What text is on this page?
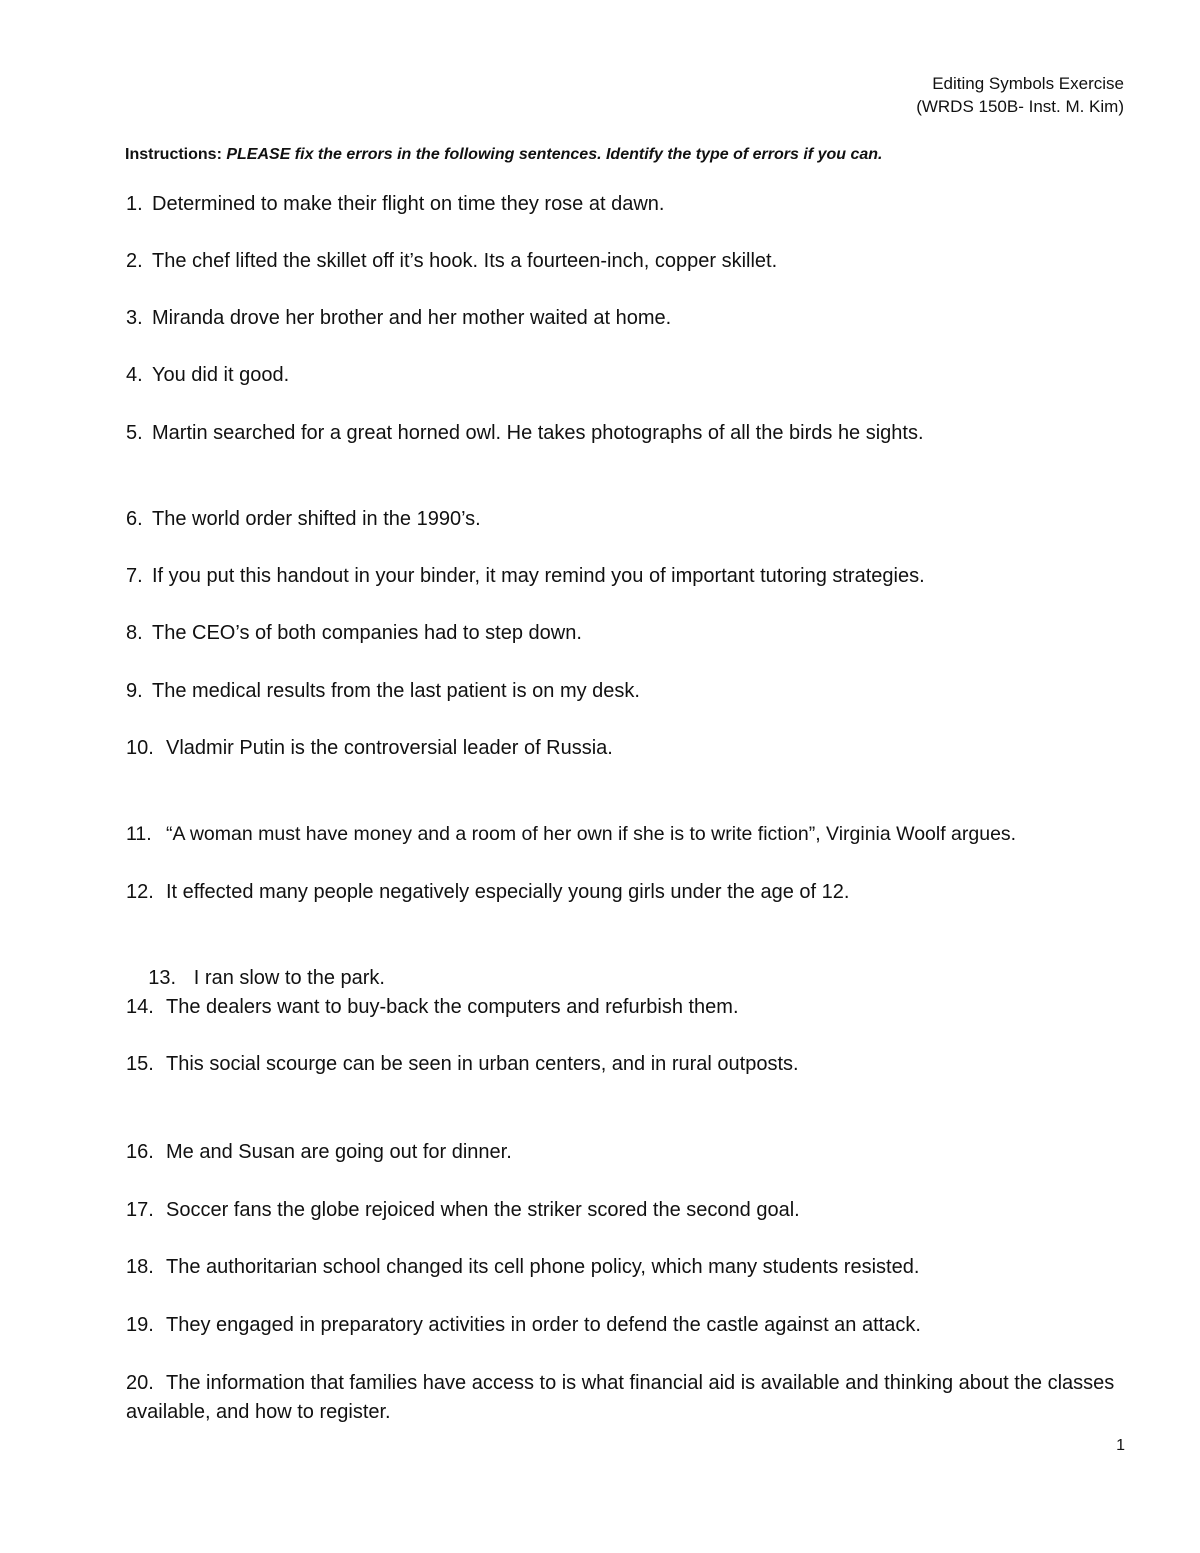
Editing Symbols Exercise
(WRDS 150B- Inst. M. Kim)
Instructions: PLEASE fix the errors in the following sentences. Identify the type of errors if you can.
1. Determined to make their flight on time they rose at dawn.
2. The chef lifted the skillet off it’s hook. Its a fourteen-inch, copper skillet.
3. Miranda drove her brother and her mother waited at home.
4. You did it good.
5. Martin searched for a great horned owl. He takes photographs of all the birds he sights.
6. The world order shifted in the 1990’s.
7. If you put this handout in your binder, it may remind you of important tutoring strategies.
8. The CEO’s of both companies had to step down.
9. The medical results from the last patient is on my desk.
10. Vladmir Putin is the controversial leader of Russia.
11. “A woman must have money and a room of her own if she is to write fiction”, Virginia Woolf argues.
12. It effected many people negatively especially young girls under the age of 12.

13. I ran slow to the park.

14. The dealers want to buy-back the computers and refurbish them.
15. This social scourge can be seen in urban centers, and in rural outposts.
16. Me and Susan are going out for dinner.
17. Soccer fans the globe rejoiced when the striker scored the second goal.
18. The authoritarian school changed its cell phone policy, which many students resisted.
19. They engaged in preparatory activities in order to defend the castle against an attack.
20. The information that families have access to is what financial aid is available and thinking about the classes available, and how to register.
1
